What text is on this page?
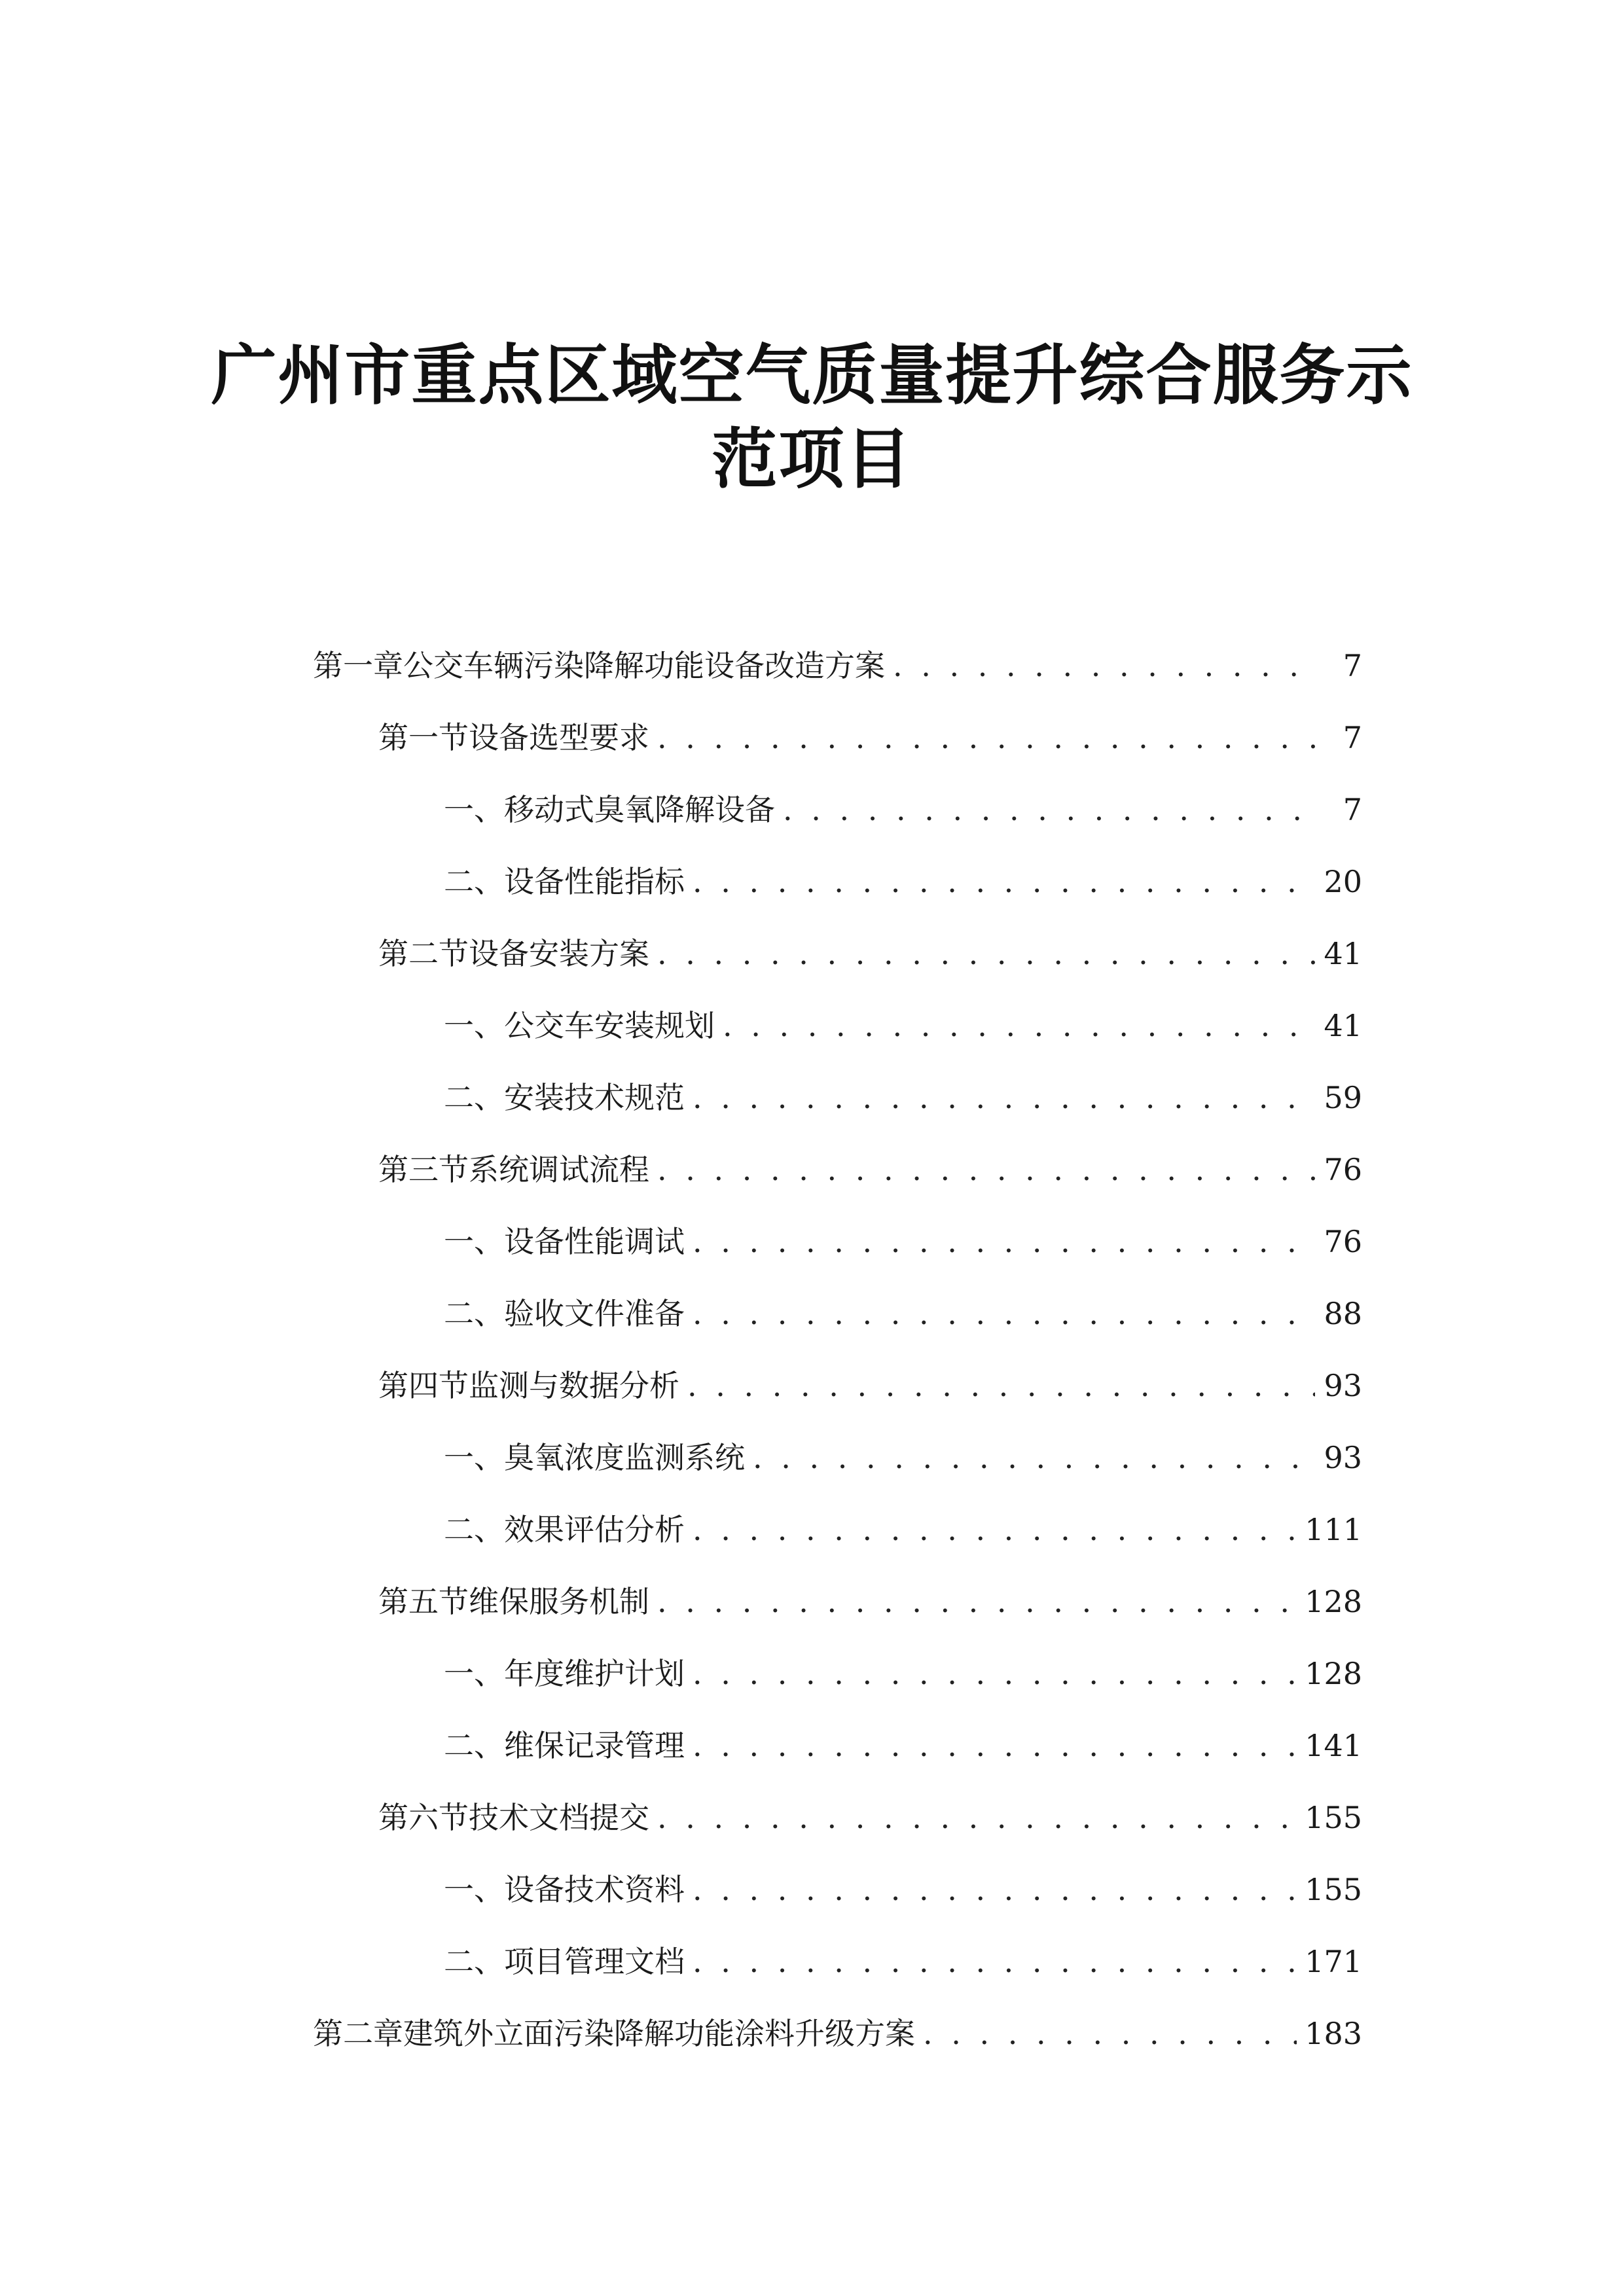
广州市重点区域空气质量提升综合服务示
范项目
第一章 公交车辆污染降解功能设备改造方案 . . .	7
第一节 设备选型要求 . . .	7
一、 移动式臭氧降解设备 . . .	7
二、 设备性能指标 . . .	20
第二节 设备安装方案 . . .	41
一、 公交车安装规划 . . .	41
二、 安装技术规范 . . .	59
第三节 系统调试流程 . . .	76
一、 设备性能调试 . . .	76
二、 验收文件准备 . . .	88
第四节 监测与数据分析 . . .	93
一、 臭氧浓度监测系统 . . .	93
二、 效果评估分析 . . .	111
第五节 维保服务机制 . . .	128
一、 年度维护计划 . . .	128
二、 维保记录管理 . . .	141
第六节 技术文档提交 . . .	155
一、 设备技术资料 . . .	155
二、 项目管理文档 . . .	171
第二章 建筑外立面污染降解功能涂料升级方案 . . .	183
